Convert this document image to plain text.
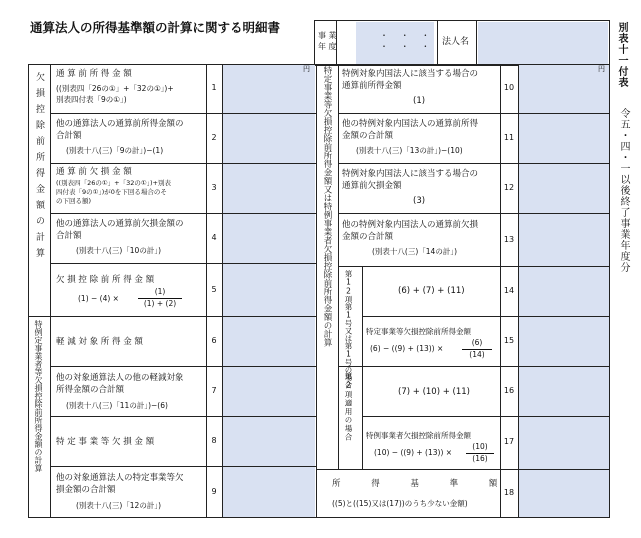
通算法人の所得基準額の計算に関する明細書
事 業
年 度
・     ・     ・
・     ・     ・ 法人名	別表十一付表
令五・四・一以後終了事業年度分
欠損控除前所得金額の計算
特例定事業者等欠損控除前所得金額の計算
円
1
2
3
4
5
6
7
8
9
通 算 前 所 得 金 額
((別表四「26の①」+「32の①」)+
別表四付表「9の①」)
他の通算法人の通算前所得金額の
合計額
(別表十八(三)「9の計」)−(1)
通 算 前 欠 損 金 額
((別表四「26の①」+「32の①」)+別表
四付表「9の①」)が0を下回る場合のそ
の下回る額)
他の通算法人の通算前欠損金額の
合計額
(別表十八(三)「10の計」)
欠 損 控 除 前 所 得 金 額
(1) − (4) ×
(1)
(1) + (2)
軽 減 対 象 所 得 金 額
他の対象通算法人の他の軽減対象
所得金額の合計額
(別表十八(三)「11の計」)−(6)
特 定 事 業 等 欠 損 金 額
他の対象通算法人の特定事業等欠
損金額の合計額
(別表十八(三)「12の計」)
特定事業等欠損控除前所得金額又は特例事業者欠損控除前所得金額の計算 第12項第1号又は第1号の場合
第2項適用の場合
円
10
11
12
13
14
15
16
17
18
特例対象内国法人に該当する場合の
通算前所得金額
(1)
他の特例対象内国法人の通算前所得
金額の合計額
(別表十八(三)「13の計」)−(10)
特例対象内国法人に該当する場合の
通算前欠損金額
(3)
他の特例対象内国法人の通算前欠損
金額の合計額
(別表十八(三)「14の計」)
(6) + (7) + (11)
特定事業等欠損控除前所得金額
(6) − ((9) + (13)) ×
(6)
(14)
(7) + (10) + (11)
特例事業者欠損控除前所得金額
(10) − ((9) + (13)) ×
(10)
(16)
所 得 基 準 額
((5)と((15)又は(17))のうち少ない金額)
